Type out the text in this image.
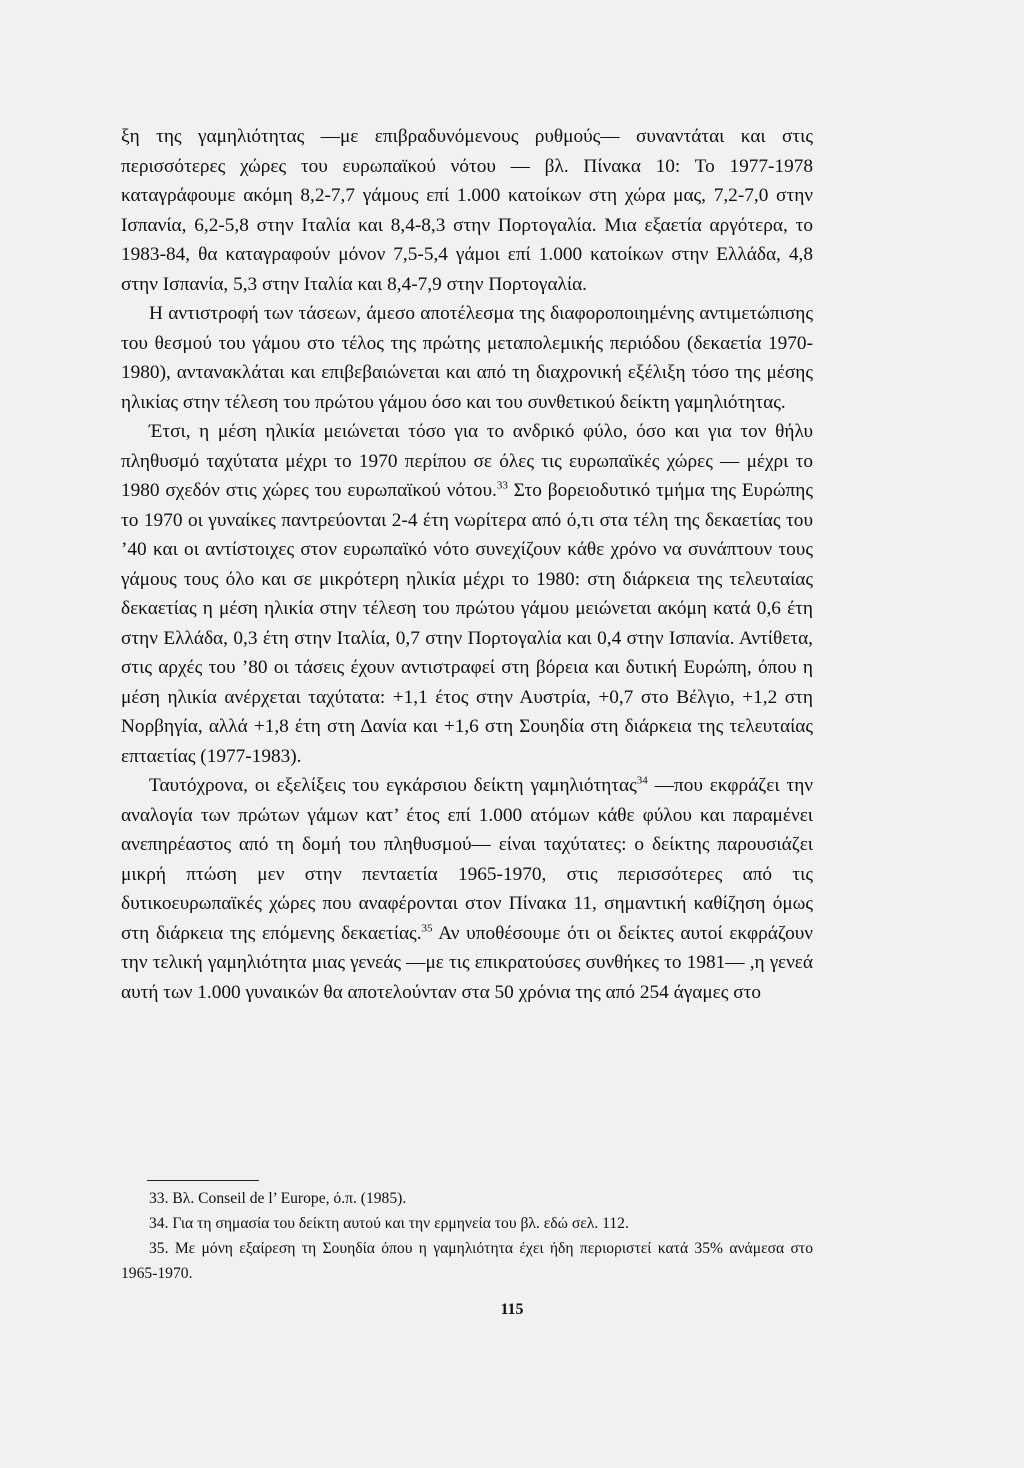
ξη της γαμηλιότητας —με επιβραδυνόμενους ρυθμούς— συναντάται και στις περισσότερες χώρες του ευρωπαϊκού νότου — βλ. Πίνακα 10: Το 1977-1978 καταγράφουμε ακόμη 8,2-7,7 γάμους επί 1.000 κατοίκων στη χώρα μας, 7,2-7,0 στην Ισπανία, 6,2-5,8 στην Ιταλία και 8,4-8,3 στην Πορτογαλία. Μια εξαετία αργότερα, το 1983-84, θα καταγραφούν μόνον 7,5-5,4 γάμοι επί 1.000 κατοίκων στην Ελλάδα, 4,8 στην Ισπανία, 5,3 στην Ιταλία και 8,4-7,9 στην Πορτογαλία.

Η αντιστροφή των τάσεων, άμεσο αποτέλεσμα της διαφοροποιημένης αντιμετώπισης του θεσμού του γάμου στο τέλος της πρώτης μεταπολεμικής περιόδου (δεκαετία 1970-1980), αντανακλάται και επιβεβαιώνεται και από τη διαχρονική εξέλιξη τόσο της μέσης ηλικίας στην τέλεση του πρώτου γάμου όσο και του συνθετικού δείκτη γαμηλιότητας.

Έτσι, η μέση ηλικία μειώνεται τόσο για το ανδρικό φύλο, όσο και για τον θήλυ πληθυσμό ταχύτατα μέχρι το 1970 περίπου σε όλες τις ευρωπαϊκές χώρες — μέχρι το 1980 σχεδόν στις χώρες του ευρωπαϊκού νότου.$^{33}$ Στο βορειοδυτικό τμήμα της Ευρώπης το 1970 οι γυναίκες παντρεύονται 2-4 έτη νωρίτερα από ό,τι στα τέλη της δεκαετίας του ’40 και οι αντίστοιχες στον ευρωπαϊκό νότο συνεχίζουν κάθε χρόνο να συνάπτουν τους γάμους τους όλο και σε μικρότερη ηλικία μέχρι το 1980: στη διάρκεια της τελευταίας δεκαετίας η μέση ηλικία στην τέλεση του πρώτου γάμου μειώνεται ακόμη κατά 0,6 έτη στην Ελλάδα, 0,3 έτη στην Ιταλία, 0,7 στην Πορτογαλία και 0,4 στην Ισπανία. Αντίθετα, στις αρχές του ’80 οι τάσεις έχουν αντιστραφεί στη βόρεια και δυτική Ευρώπη, όπου η μέση ηλικία ανέρχεται ταχύτατα: +1,1 έτος στην Αυστρία, +0,7 στο Βέλγιο, +1,2 στη Νορβηγία, αλλά +1,8 έτη στη Δανία και +1,6 στη Σουηδία στη διάρκεια της τελευταίας επταετίας (1977-1983).

Ταυτόχρονα, οι εξελίξεις του εγκάρσιου δείκτη γαμηλιότητας$^{34}$ —που εκφράζει την αναλογία των πρώτων γάμων κατ’ έτος επί 1.000 ατόμων κάθε φύλου και παραμένει ανεπηρέαστος από τη δομή του πληθυσμού— είναι ταχύτατες: ο δείκτης παρουσιάζει μικρή πτώση μεν στην πενταετία 1965-1970, στις περισσότερες από τις δυτικοευρωπαϊκές χώρες που αναφέρονται στον Πίνακα 11, σημαντική καθίζηση όμως στη διάρκεια της επόμενης δεκαετίας.$^{35}$ Αν υποθέσουμε ότι οι δείκτες αυτοί εκφράζουν την τελική γαμηλιότητα μιας γενεάς —με τις επικρατούσες συνθήκες το 1981— ,η γενεά αυτή των 1.000 γυναικών θα αποτελούνταν στα 50 χρόνια της από 254 άγαμες στο

33. Βλ. Conseil de l’ Europe, ό.π. (1985).

34. Για τη σημασία του δείκτη αυτού και την ερμηνεία του βλ. εδώ σελ. 112.

35. Με μόνη εξαίρεση τη Σουηδία όπου η γαμηλιότητα έχει ήδη περιοριστεί κατά 35% ανάμεσα στο 1965-1970.

115
